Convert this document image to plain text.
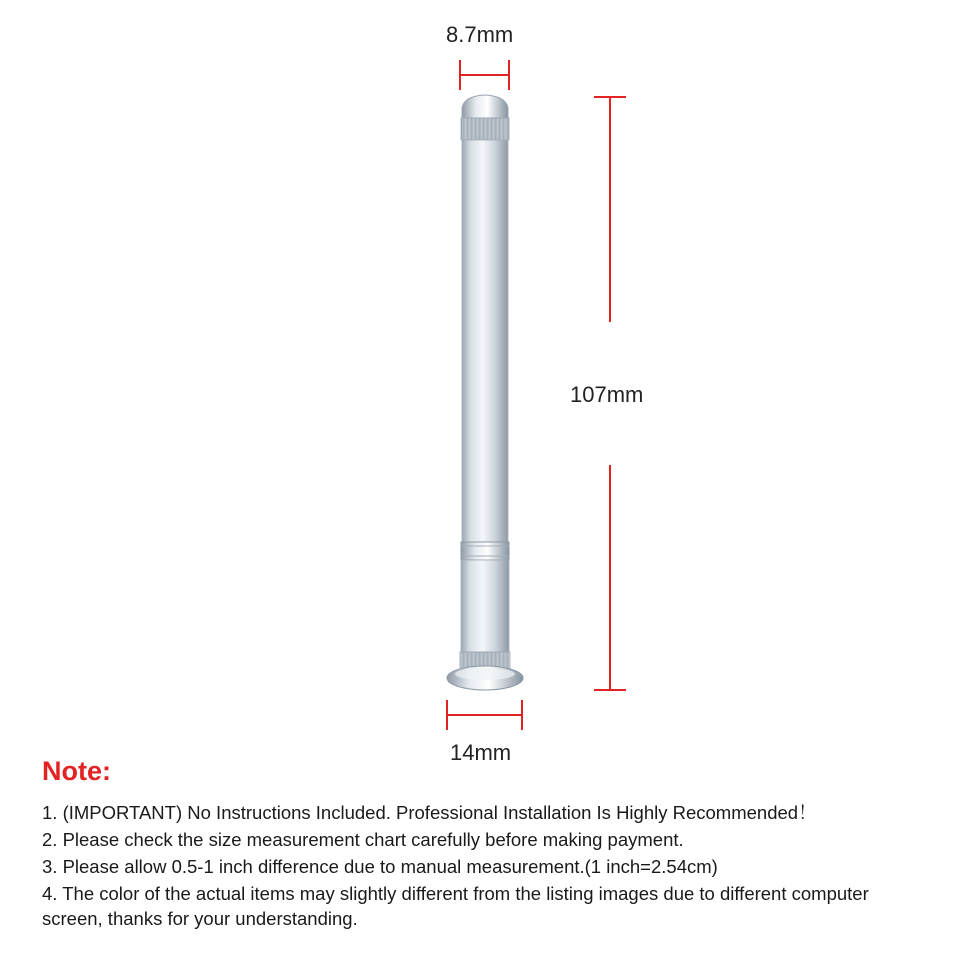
8.7mm
107mm
14mm
Note:

1. (IMPORTANT) No Instructions Included. Professional Installation Is Highly Recommended！

2. Please check the size measurement chart carefully before making payment.

3. Please allow 0.5-1 inch difference due to manual measurement.(1 inch=2.54cm)

4. The color of the actual items may slightly different from the listing images due to different computer screen, thanks for your understanding.
